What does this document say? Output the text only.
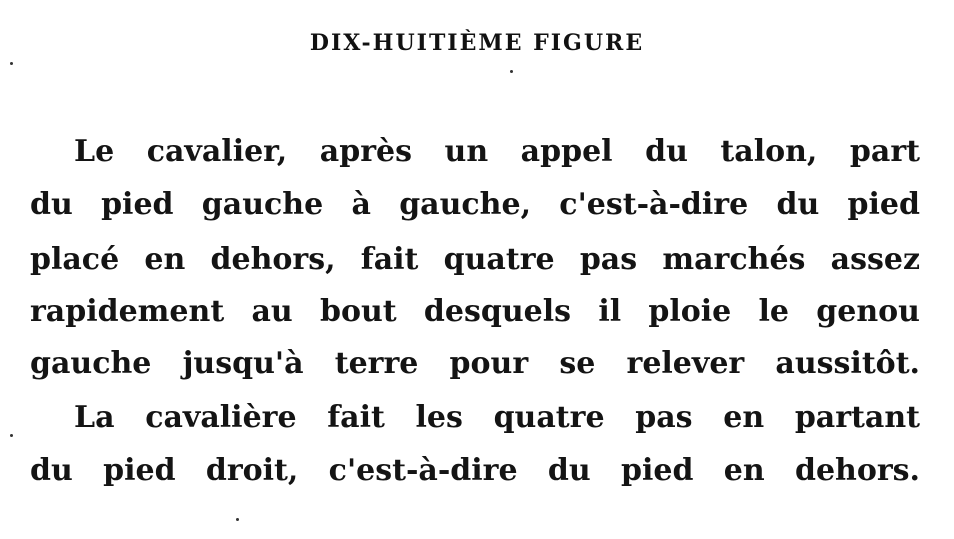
DIX-HUITIÈME FIGURE
Le cavalier, après un appel du talon, part
du pied gauche à gauche, c'est-à-dire du pied
placé en dehors, fait quatre pas marchés assez
rapidement au bout desquels il ploie le genou
gauche jusqu'à terre pour se relever aussitôt.
La cavalière fait les quatre pas en partant
du pied droit, c'est-à-dire du pied en dehors.
